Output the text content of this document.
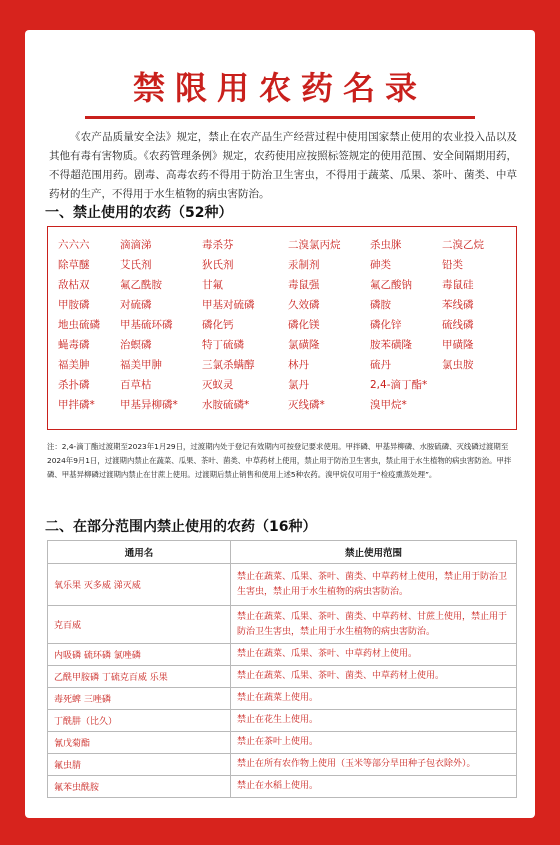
禁限用农药名录
《农产品质量安全法》规定，禁止在农产品生产经营过程中使用国家禁止使用的农业投入品以及其他有毒有害物质。《农药管理条例》规定，农药使用应按照标签规定的使用范围、安全间隔期用药，不得超范围用药。剧毒、高毒农药不得用于防治卫生害虫，不得用于蔬菜、瓜果、茶叶、菌类、中草药材的生产，不得用于水生植物的病虫害防治。
一、禁止使用的农药（52种）
六六六	滴滴涕	毒杀芬	二溴氯丙烷	杀虫脒	二溴乙烷
除草醚	艾氏剂	狄氏剂	汞制剂	砷类	铅类
敌枯双	氟乙酰胺	甘氟	毒鼠强	氟乙酸钠	毒鼠硅
甲胺磷	对硫磷	甲基对硫磷	久效磷	磷胺	苯线磷
地虫硫磷	甲基硫环磷	磷化钙	磷化镁	磷化锌	硫线磷
蝇毒磷	治螟磷	特丁硫磷	氯磺隆	胺苯磺隆	甲磺隆
福美胂	福美甲胂	三氯杀螨醇	林丹	硫丹	氯虫胺
杀扑磷	百草枯	灭蚁灵	氯丹	2,4-滴丁酯*
甲拌磷*	甲基异柳磷*	水胺硫磷*	灭线磷*	溴甲烷*
注：2,4-滴丁酯过渡期至2023年1月29日，过渡期内处于登记有效期内可按登记要求使用。甲拌磷、甲基异柳磷、水胺硫磷、灭线磷过渡期至2024年9月1日，过渡期内禁止在蔬菜、瓜果、茶叶、菌类、中草药材上使用，禁止用于防治卫生害虫，禁止用于水生植物的病虫害防治。甲拌磷、甲基异柳磷过渡期内禁止在甘蔗上使用。过渡期后禁止销售和使用上述5种农药。溴甲烷仅可用于“检疫熏蒸处理”。
二、在部分范围内禁止使用的农药（16种）
通用名	禁止使用范围
氧乐果 灭多威 涕灭威	禁止在蔬菜、瓜果、茶叶、菌类、中草药材上使用，禁止用于防治卫生害虫，禁止用于水生植物的病虫害防治。
克百威	禁止在蔬菜、瓜果、茶叶、菌类、中草药材、甘蔗上使用，禁止用于防治卫生害虫，禁止用于水生植物的病虫害防治。
内吸磷 硫环磷 氯唑磷	禁止在蔬菜、瓜果、茶叶、中草药材上使用。
乙酰甲胺磷 丁硫克百威 乐果	禁止在蔬菜、瓜果、茶叶、菌类、中草药材上使用。
毒死蜱 三唑磷	禁止在蔬菜上使用。
丁酰肼（比久）	禁止在花生上使用。
氰戊菊酯	禁止在茶叶上使用。
氟虫腈	禁止在所有农作物上使用（玉米等部分旱田种子包衣除外）。
氟苯虫酰胺	禁止在水稻上使用。
